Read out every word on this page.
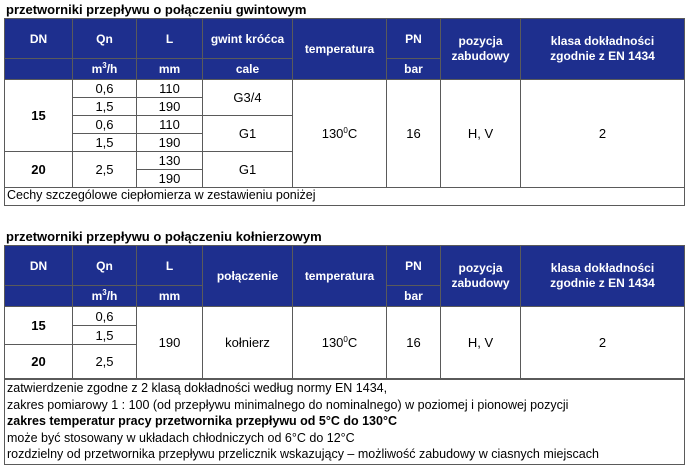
przetworniki przepływu o połączeniu gwintowym
DN	Qn	L	gwint króćca	temperatura	PN	pozycja zabudowy	klasa dokładności zgodnie z EN 1434
	$m^3/h$	mm	cale		bar		
15	0,6	110	G3/4	$130^0C$	16	H, V	2
	1,5	190					
	0,6	110	G1				
	1,5	190					
20	2,5	130	G1				
		190					
Cechy szczególowe ciepłomierza w zestawieniu poniżej							
przetworniki przepływu o połączeniu kołnierzowym
DN	Qn	L	połączenie	temperatura	PN	pozycja zabudowy	klasa dokładności zgodnie z EN 1434
	$m^3/h$	mm			bar		
15	0,6	190	kołnierz	$130^0C$	16	H, V	2
	1,5						
20	2,5						
zatwierdzenie zgodne z 2 klasą dokładności według normy EN 1434,
zakres pomiarowy 1 : 100 (od przepływu minimalnego do nominalnego) w poziomej i pionowej pozycji
zakres temperatur pracy przetwornika przepływu od 5°C do 130°C
może być stosowany w układach chłodniczych od 6°C do 12°C
rozdzielny od przetwornika przepływu przelicznik wskazujący – możliwość zabudowy w ciasnych miejscach
